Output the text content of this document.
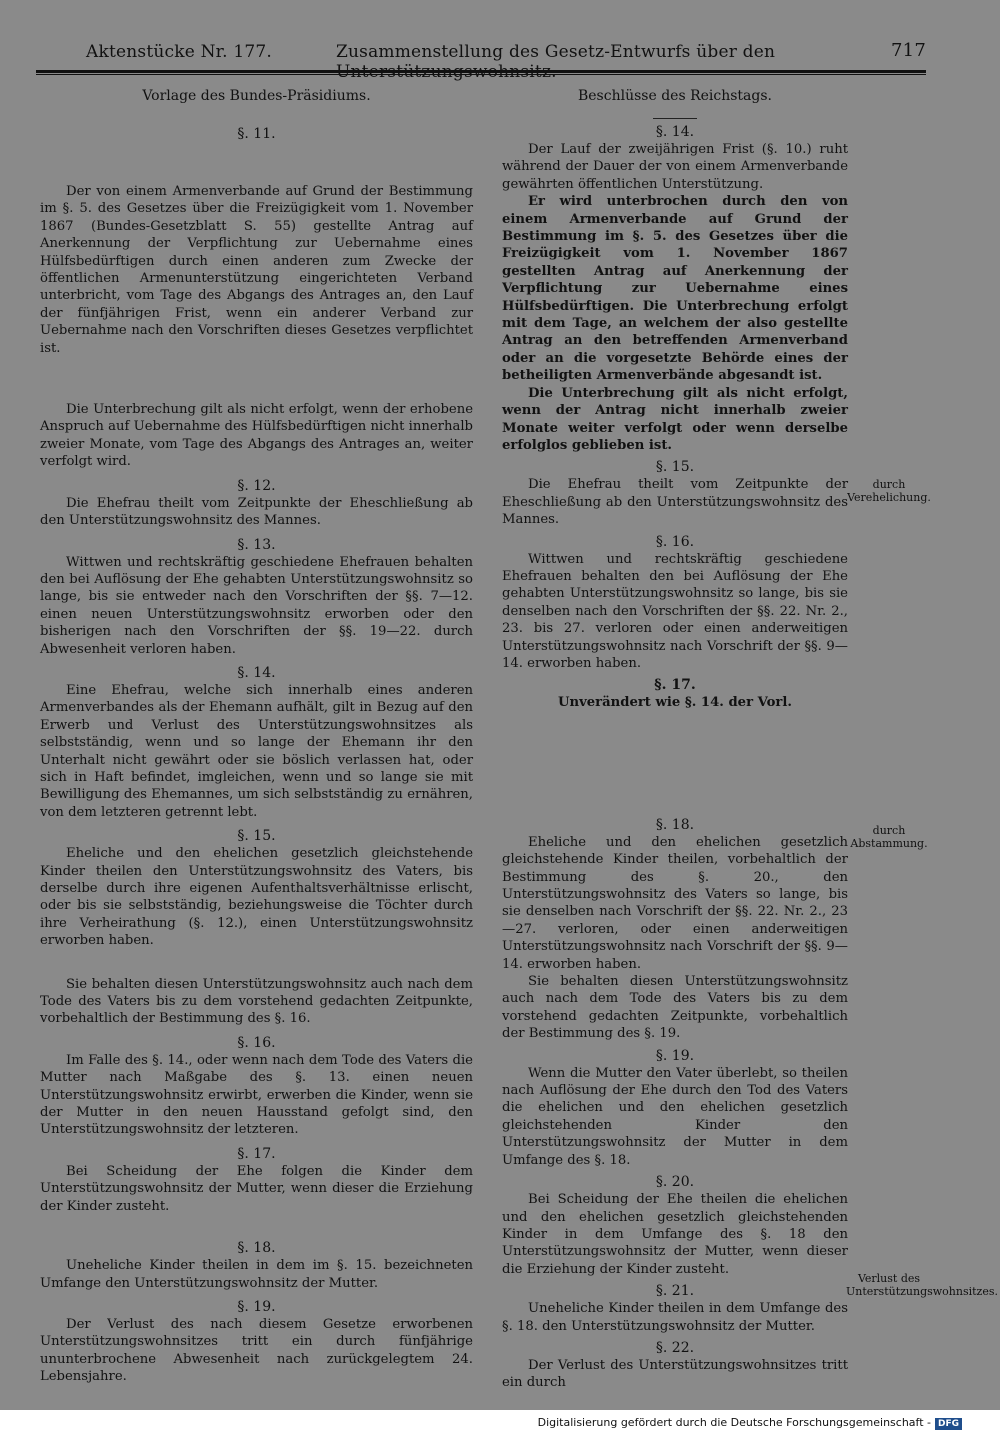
Aktenstücke Nr. 177.	Zusammenstellung des Gesetz-Entwurfs über den	717
Vorlage des Bundes-Präsidiums.
§. 11.

Der von einem Armenverbande auf Grund der Bestimmung im §. 5. des Gesetzes über die Freizügigkeit vom 1. November 1867 (Bundes-Gesetzblatt S. 55) gestellte Antrag auf Anerkennung der Verpflichtung zur Uebernahme eines Hülfsbedürftigen durch einen anderen zum Zwecke der öffentlichen Armenunterstützung eingerichteten Verband unterbricht, vom Tage des Abgangs des Antrages an, den Lauf der fünfjährigen Frist, wenn ein anderer Verband zur Uebernahme nach den Vorschriften dieses Gesetzes verpflichtet ist.

Die Unterbrechung gilt als nicht erfolgt, wenn der erhobene Anspruch auf Uebernahme des Hülfsbedürftigen nicht innerhalb zweier Monate, vom Tage des Abgangs des Antrages an, weiter verfolgt wird.

§. 12.

Die Ehefrau theilt vom Zeitpunkte der Eheschließung ab den Unterstützungswohnsitz des Mannes.

§. 13.

Wittwen und rechtskräftig geschiedene Ehefrauen behalten den bei Auflösung der Ehe gehabten Unterstützungswohnsitz so lange, bis sie entweder nach den Vorschriften der §§. 7—12. einen neuen Unterstützungswohnsitz erworben oder den bisherigen nach den Vorschriften der §§. 19—22. durch Abwesenheit verloren haben.

§. 14.

Eine Ehefrau, welche sich innerhalb eines anderen Armenverbandes als der Ehemann aufhält, gilt in Bezug auf den Erwerb und Verlust des Unterstützungswohnsitzes als selbstständig, wenn und so lange der Ehemann ihr den Unterhalt nicht gewährt oder sie böslich verlassen hat, oder sich in Haft befindet, imgleichen, wenn und so lange sie mit Bewilligung des Ehemannes, um sich selbstständig zu ernähren, von dem letzteren getrennt lebt.

§. 15.

Eheliche und den ehelichen gesetzlich gleichstehende Kinder theilen den Unterstützungswohnsitz des Vaters, bis derselbe durch ihre eigenen Aufenthaltsverhältnisse erlischt, oder bis sie selbstständig, beziehungsweise die Töchter durch ihre Verheirathung (§. 12.), einen Unterstützungswohnsitz erworben haben.

Sie behalten diesen Unterstützungswohnsitz auch nach dem Tode des Vaters bis zu dem vorstehend gedachten Zeitpunkte, vorbehaltlich der Bestimmung des §. 16.

§. 16.

Im Falle des §. 14., oder wenn nach dem Tode des Vaters die Mutter nach Maßgabe des §. 13. einen neuen Unterstützungswohnsitz erwirbt, erwerben die Kinder, wenn sie der Mutter in den neuen Hausstand gefolgt sind, den Unterstützungswohnsitz der letzteren.

§. 17.

Bei Scheidung der Ehe folgen die Kinder dem Unterstützungswohnsitz der Mutter, wenn dieser die Erziehung der Kinder zusteht.

§. 18.

Uneheliche Kinder theilen in dem im §. 15. bezeichneten Umfange den Unterstützungswohnsitz der Mutter.

§. 19.

Der Verlust des nach diesem Gesetze erworbenen Unterstützungswohnsitzes tritt ein durch fünfjährige ununterbrochene Abwesenheit nach zurückgelegtem 24. Lebensjahre.

Beschlüsse des Reichstags.
§. 14.

Der Lauf der zweijährigen Frist (§. 10.) ruht während der Dauer der von einem Armenverbande gewährten öffentlichen Unterstützung.

Er wird unterbrochen durch den von einem Armenverbande auf Grund der Bestimmung im §. 5. des Gesetzes über die Freizügigkeit vom 1. November 1867 gestellten Antrag auf Anerkennung der Verpflichtung zur Uebernahme eines Hülfsbedürftigen. Die Unterbrechung erfolgt mit dem Tage, an welchem der also gestellte Antrag an den betreffenden Armenverband oder an die vorgesetzte Behörde eines der betheiligten Armenverbände abgesandt ist.

Die Unterbrechung gilt als nicht erfolgt, wenn der Antrag nicht innerhalb zweier Monate weiter verfolgt oder wenn derselbe erfolglos geblieben ist.

§. 15.

Die Ehefrau theilt vom Zeitpunkte der Eheschließung ab den Unterstützungswohnsitz des Mannes.

§. 16.

Wittwen und rechtskräftig geschiedene Ehefrauen behalten den bei Auflösung der Ehe gehabten Unterstützungswohnsitz so lange, bis sie denselben nach den Vorschriften der §§. 22. Nr. 2., 23. bis 27. verloren oder einen anderweitigen Unterstützungswohnsitz nach Vorschrift der §§. 9—14. erworben haben.

§. 17.

Unverändert wie §. 14. der Vorl.

§. 18.

Eheliche und den ehelichen gesetzlich gleichstehende Kinder theilen, vorbehaltlich der Bestimmung des §. 20., den Unterstützungswohnsitz des Vaters so lange, bis sie denselben nach Vorschrift der §§. 22. Nr. 2., 23—27. verloren, oder einen anderweitigen Unterstützungswohnsitz nach Vorschrift der §§. 9—14. erworben haben.

Sie behalten diesen Unterstützungswohnsitz auch nach dem Tode des Vaters bis zu dem vorstehend gedachten Zeitpunkte, vorbehaltlich der Bestimmung des §. 19.

§. 19.

Wenn die Mutter den Vater überlebt, so theilen nach Auflösung der Ehe durch den Tod des Vaters die ehelichen und den ehelichen gesetzlich gleichstehenden Kinder den Unterstützungswohnsitz der Mutter in dem Umfange des §. 18.

§. 20.

Bei Scheidung der Ehe theilen die ehelichen und den ehelichen gesetzlich gleichstehenden Kinder in dem Umfange des §. 18 den Unterstützungswohnsitz der Mutter, wenn dieser die Erziehung der Kinder zusteht.

§. 21.

Uneheliche Kinder theilen in dem Umfange des §. 18. den Unterstützungswohnsitz der Mutter.

§. 22.

Der Verlust des Unterstützungswohnsitzes tritt ein durch

durch Verehelichung.
durch Abstammung.
Verlust des Unterstützungswohnsitzes.
Digitalisierung gefördert durch die Deutsche Forschungsgemeinschaft - DFG
